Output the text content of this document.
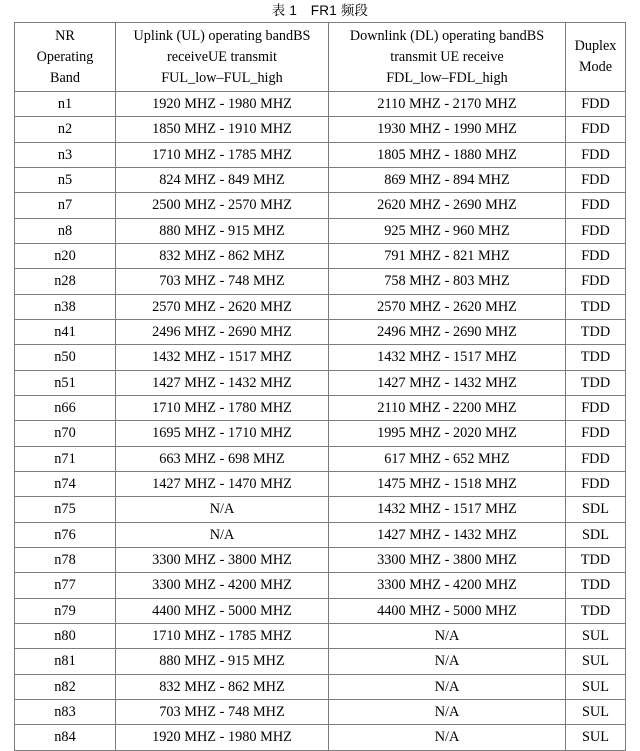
表 1　FR1 频段
NR
Operating
Band	Uplink (UL) operating bandBS
receiveUE transmit
FUL_low–FUL_high	Downlink (DL) operating bandBS
transmit UE receive
FDL_low–FDL_high	Duplex
Mode

n1	1920 MHZ - 1980 MHZ	2110 MHZ - 2170 MHZ	FDD
n2	1850 MHZ - 1910 MHZ	1930 MHZ - 1990 MHZ	FDD
n3	1710 MHZ - 1785 MHZ	1805 MHZ - 1880 MHZ	FDD
n5	824 MHZ - 849 MHZ	869 MHZ - 894 MHZ	FDD
n7	2500 MHZ - 2570 MHZ	2620 MHZ - 2690 MHZ	FDD
n8	880 MHZ - 915 MHZ	925 MHZ - 960 MHZ	FDD
n20	832 MHZ - 862 MHZ	791 MHZ - 821 MHZ	FDD
n28	703 MHZ - 748 MHZ	758 MHZ - 803 MHZ	FDD
n38	2570 MHZ - 2620 MHZ	2570 MHZ - 2620 MHZ	TDD
n41	2496 MHZ - 2690 MHZ	2496 MHZ - 2690 MHZ	TDD
n50	1432 MHZ - 1517 MHZ	1432 MHZ - 1517 MHZ	TDD
n51	1427 MHZ - 1432 MHZ	1427 MHZ - 1432 MHZ	TDD
n66	1710 MHZ - 1780 MHZ	2110 MHZ - 2200 MHZ	FDD
n70	1695 MHZ - 1710 MHZ	1995 MHZ - 2020 MHZ	FDD
n71	663 MHZ - 698 MHZ	617 MHZ - 652 MHZ	FDD
n74	1427 MHZ - 1470 MHZ	1475 MHZ - 1518 MHZ	FDD
n75	N/A	1432 MHZ - 1517 MHZ	SDL
n76	N/A	1427 MHZ - 1432 MHZ	SDL
n78	3300 MHZ - 3800 MHZ	3300 MHZ - 3800 MHZ	TDD
n77	3300 MHZ - 4200 MHZ	3300 MHZ - 4200 MHZ	TDD
n79	4400 MHZ - 5000 MHZ	4400 MHZ - 5000 MHZ	TDD
n80	1710 MHZ - 1785 MHZ	N/A	SUL
n81	880 MHZ - 915 MHZ	N/A	SUL
n82	832 MHZ - 862 MHZ	N/A	SUL
n83	703 MHZ - 748 MHZ	N/A	SUL
n84	1920 MHZ - 1980 MHZ	N/A	SUL
